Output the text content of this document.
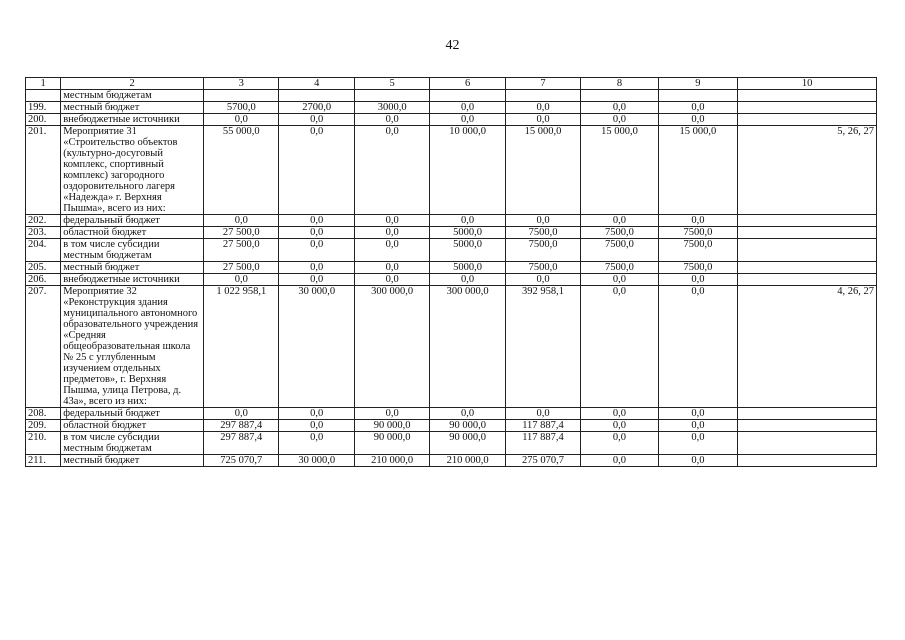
42
1	2	3	4	5	6	7	8	9	10
	местным бюджетам								
199.	местный бюджет	5700,0	2700,0	3000,0	0,0	0,0	0,0	0,0	
200.	внебюджетные источники	0,0	0,0	0,0	0,0	0,0	0,0	0,0	
201.	Мероприятие 31 «Строительство объектов (культурно-досуговый комплекс, спортивный комплекс) загородного оздоровительного лагеря «Надежда» г. Верхняя Пышма», всего из них:	55 000,0	0,0	0,0	10 000,0	15 000,0	15 000,0	15 000,0	5, 26, 27
202.	федеральный бюджет	0,0	0,0	0,0	0,0	0,0	0,0	0,0	
203.	областной бюджет	27 500,0	0,0	0,0	5000,0	7500,0	7500,0	7500,0	
204.	в том числе субсидии местным бюджетам	27 500,0	0,0	0,0	5000,0	7500,0	7500,0	7500,0	
205.	местный бюджет	27 500,0	0,0	0,0	5000,0	7500,0	7500,0	7500,0	
206.	внебюджетные источники	0,0	0,0	0,0	0,0	0,0	0,0	0,0	
207.	Мероприятие 32 «Реконструкция здания муниципального автономного образовательного учреждения «Средняя общеобразовательная школа № 25 с углубленным изучением отдельных предметов», г. Верхняя Пышма, улица Петрова, д. 43а», всего из них:	1 022 958,1	30 000,0	300 000,0	300 000,0	392 958,1	0,0	0,0	4, 26, 27
208.	федеральный бюджет	0,0	0,0	0,0	0,0	0,0	0,0	0,0	
209.	областной бюджет	297 887,4	0,0	90 000,0	90 000,0	117 887,4	0,0	0,0	
210.	в том числе субсидии местным бюджетам	297 887,4	0,0	90 000,0	90 000,0	117 887,4	0,0	0,0	
211.	местный бюджет	725 070,7	30 000,0	210 000,0	210 000,0	275 070,7	0,0	0,0	
